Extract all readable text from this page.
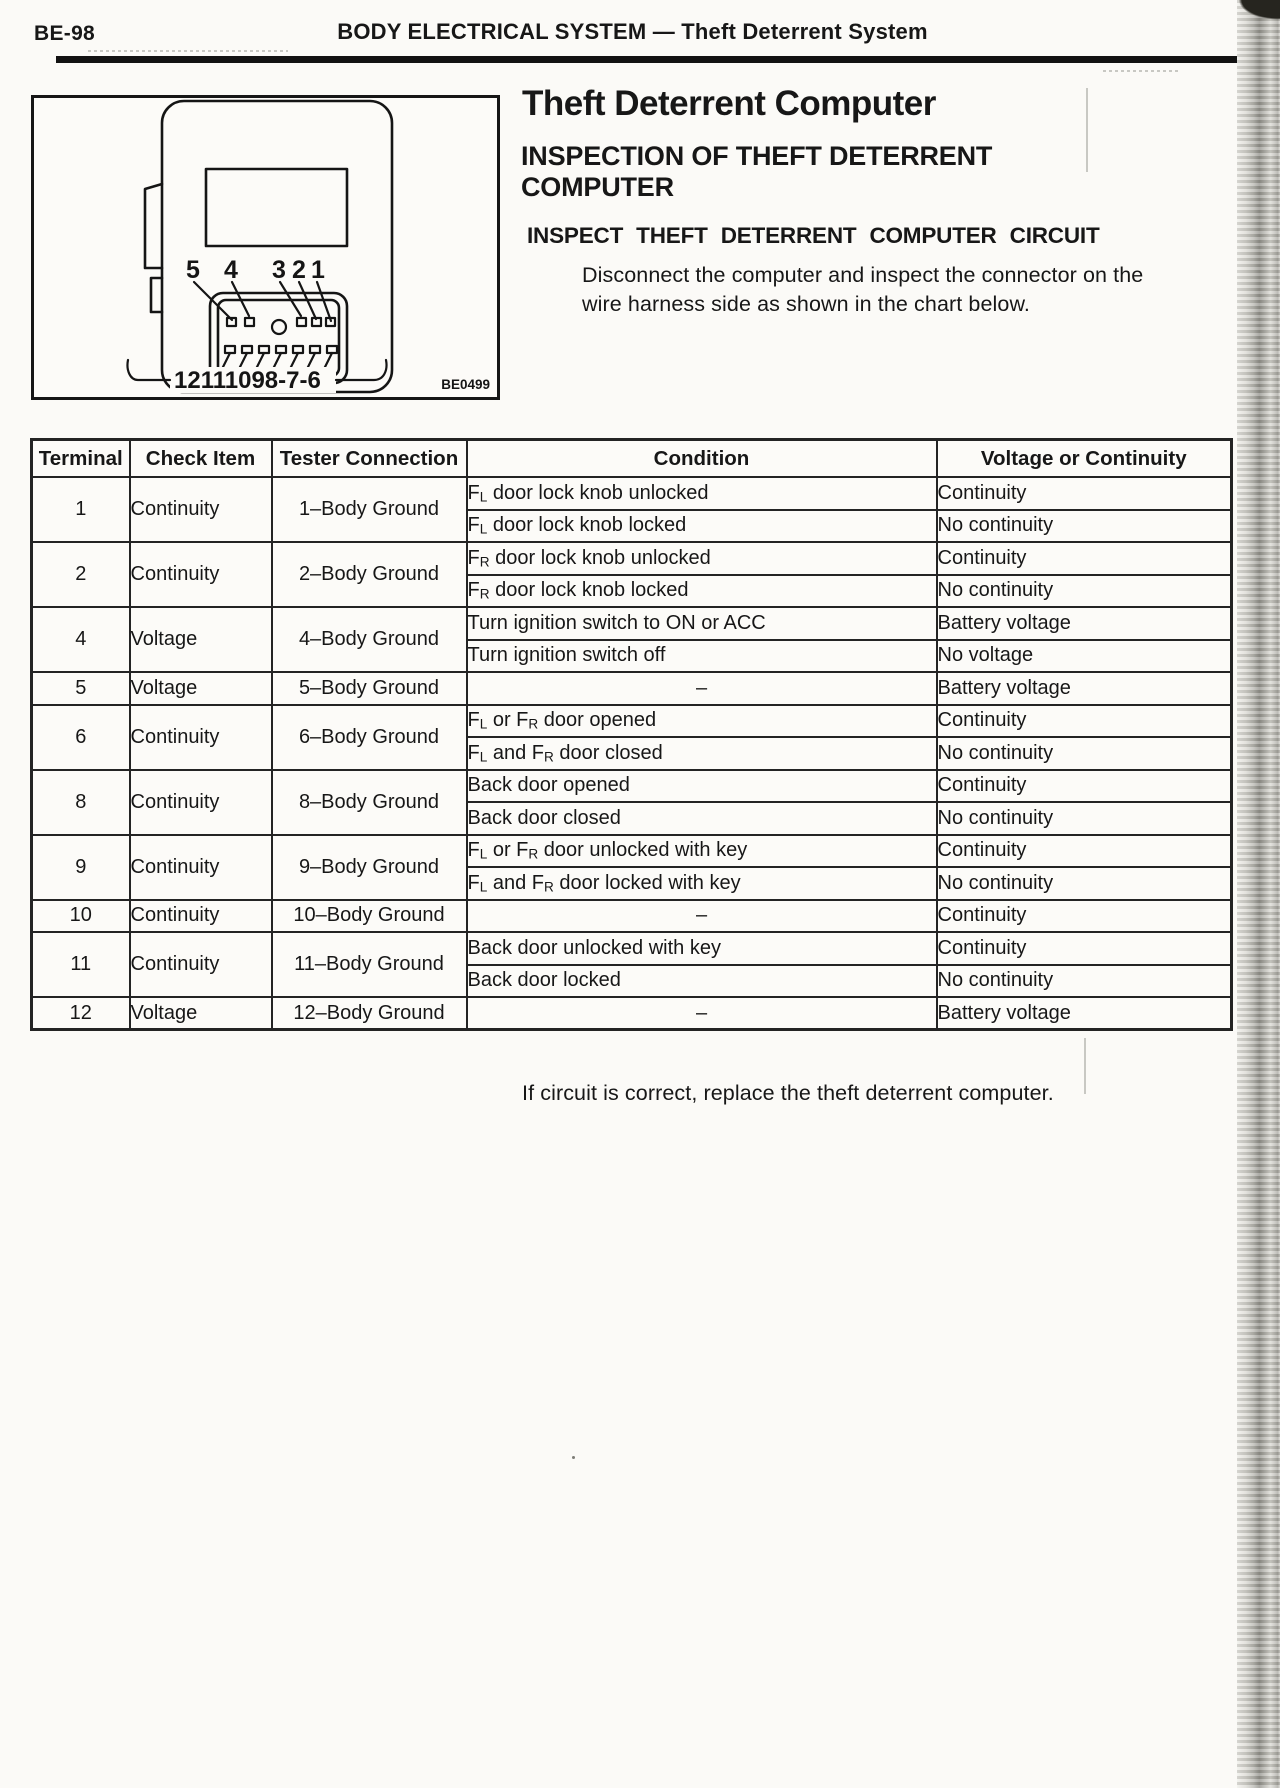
BODY ELECTRICAL SYSTEM — Theft Deterrent System
BE-98
5 4 3 2 1
12111098-7-6	BE0499
Theft Deterrent Computer
INSPECTION OF THEFT DETERRENT
COMPUTER
INSPECT THEFT DETERRENT COMPUTER CIRCUIT
Disconnect the computer and inspect the connector on the
wire harness side as shown in the chart below.
Terminal	Check Item	Tester Connection	Condition	Voltage or Continuity
1	Continuity	1–Body Ground	$F_L$ door lock knob unlocked	Continuity
			$F_L$ door lock knob locked	No continuity
2	Continuity	2–Body Ground	$F_R$ door lock knob unlocked	Continuity
			$F_R$ door lock knob locked	No continuity
4	Voltage	4–Body Ground	Turn ignition switch to ON or ACC	Battery voltage
			Turn ignition switch off	No voltage
5	Voltage	5–Body Ground	–	Battery voltage
6	Continuity	6–Body Ground	$F_L$ or $F_R$ door opened	Continuity
			$F_L$ and $F_R$ door closed	No continuity
8	Continuity	8–Body Ground	Back door opened	Continuity
			Back door closed	No continuity
9	Continuity	9–Body Ground	$F_L$ or $F_R$ door unlocked with key	Continuity
			$F_L$ and $F_R$ door locked with key	No continuity
10	Continuity	10–Body Ground	–	Continuity
11	Continuity	11–Body Ground	Back door unlocked with key	Continuity
			Back door locked	No continuity
12	Voltage	12–Body Ground	–	Battery voltage
If circuit is correct, replace the theft deterrent computer.
